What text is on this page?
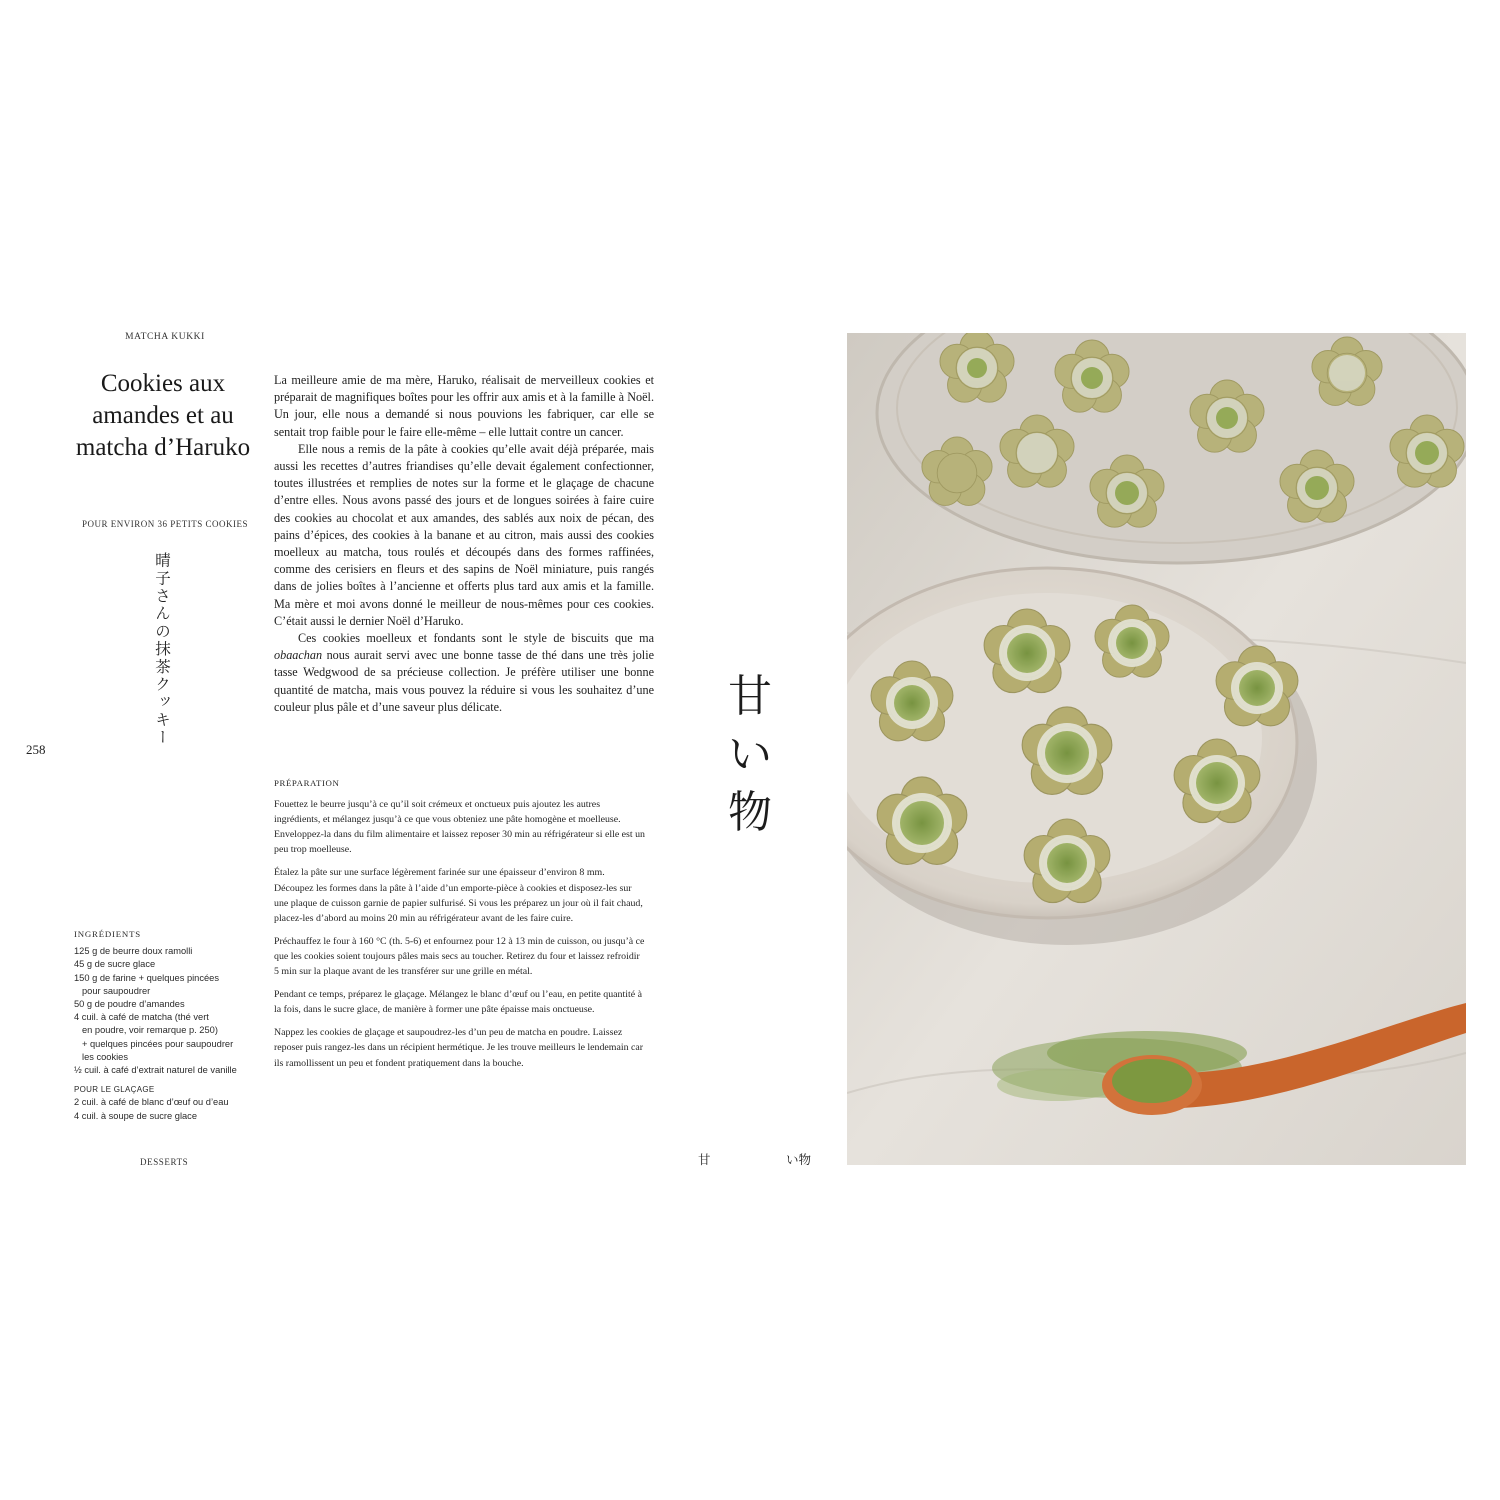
MATCHA KUKKI
Cookies aux amandes et au matcha d’Haruko
POUR ENVIRON 36 PETITS COOKIES
晴子さんの抹茶クッキー
258
INGRÉDIENTS
125 g de beurre doux ramolli
45 g de sucre glace
150 g de farine + quelques pincées
pour saupoudrer
50 g de poudre d’amandes
4 cuil. à café de matcha (thé vert
en poudre, voir remarque p. 250)
+ quelques pincées pour saupoudrer
les cookies
½ cuil. à café d’extrait naturel de vanille
POUR LE GLAÇAGE
2 cuil. à café de blanc d’œuf ou d’eau
4 cuil. à soupe de sucre glace
DESSERTS

La meilleure amie de ma mère, Haruko, réalisait de merveilleux cookies et préparait de magnifiques boîtes pour les offrir aux amis et à la famille à Noël. Un jour, elle nous a demandé si nous pouvions les fabriquer, car elle se sentait trop faible pour le faire elle-même – elle luttait contre un cancer.

Elle nous a remis de la pâte à cookies qu’elle avait déjà préparée, mais aussi les recettes d’autres friandises qu’elle devait également confectionner, toutes illustrées et remplies de notes sur la forme et le glaçage de chacune d’entre elles. Nous avons passé des jours et de longues soirées à faire cuire des cookies au chocolat et aux amandes, des sablés aux noix de pécan, des pains d’épices, des cookies à la banane et au citron, mais aussi des cookies moelleux au matcha, tous roulés et découpés dans des formes raffinées, comme des cerisiers en fleurs et des sapins de Noël miniature, puis rangés dans de jolies boîtes à l’ancienne et offerts plus tard aux amis et la famille. Ma mère et moi avons donné le meilleur de nous-mêmes pour ces cookies. C’était aussi le dernier Noël d’Haruko.

Ces cookies moelleux et fondants sont le style de biscuits que ma obaachan nous aurait servi avec une bonne tasse de thé dans une très jolie tasse Wedgwood de sa précieuse collection. Je préfère utiliser une bonne quantité de matcha, mais vous pouvez la réduire si vous les souhaitez d’une couleur plus pâle et d’une saveur plus délicate.

PRÉPARATION

Fouettez le beurre jusqu’à ce qu’il soit crémeux et onctueux puis ajoutez les autres ingrédients, et mélangez jusqu’à ce que vous obteniez une pâte homogène et moelleuse. Enveloppez-la dans du film alimentaire et laissez reposer 30 min au réfrigérateur si elle est un peu trop moelleuse.

Étalez la pâte sur une surface légèrement farinée sur une épaisseur d’environ 8 mm. Découpez les formes dans la pâte à l’aide d’un emporte-pièce à cookies et disposez-les sur une plaque de cuisson garnie de papier sulfurisé. Si vous les préparez un jour où il fait chaud, placez-les d’abord au moins 20 min au réfrigérateur avant de les faire cuire.

Préchauffez le four à 160 °C (th. 5-6) et enfournez pour 12 à 13 min de cuisson, ou jusqu’à ce que les cookies soient toujours pâles mais secs au toucher. Retirez du four et laissez refroidir 5 min sur la plaque avant de les transférer sur une grille en métal.

Pendant ce temps, préparez le glaçage. Mélangez le blanc d’œuf ou l’eau, en petite quantité à la fois, dans le sucre glace, de manière à former une pâte épaisse mais onctueuse.

Nappez les cookies de glaçage et saupoudrez-les d’un peu de matcha en poudre. Laissez reposer puis rangez-les dans un récipient hermétique. Je les trouve meilleurs le lendemain car ils ramollissent un peu et fondent pratiquement dans la bouche.

甘
い
物
甘	い物
